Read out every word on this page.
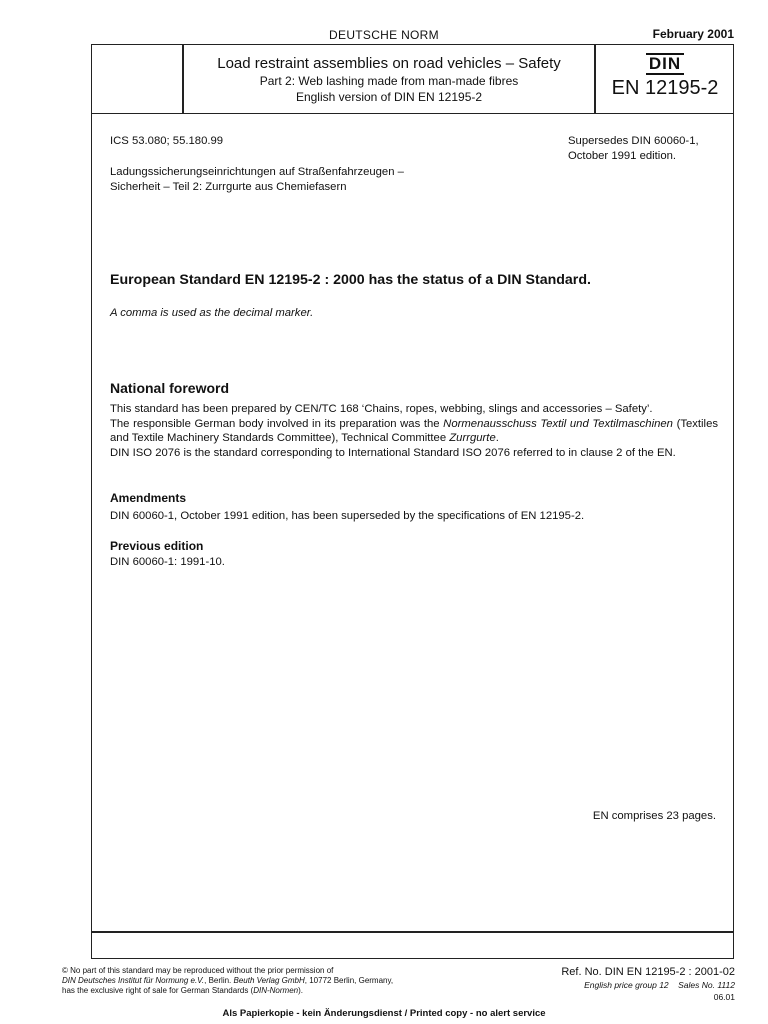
DEUTSCHE NORM	February 2001
Load restraint assemblies on road vehicles – Safety
Part 2: Web lashing made from man-made fibres
English version of DIN EN 12195-2
DIN
EN 12195-2
ICS 53.080; 55.180.99	Supersedes DIN 60060-1,
October 1991 edition.
Ladungssicherungseinrichtungen auf Straßenfahrzeugen –
Sicherheit – Teil 2: Zurrgurte aus Chemiefasern
European Standard EN 12195-2 : 2000 has the status of a DIN Standard.
A comma is used as the decimal marker.
National foreword

This standard has been prepared by CEN/TC 168 ‘Chains, ropes, webbing, slings and accessories – Safety’.

The responsible German body involved in its preparation was the Normenausschuss Textil und Textilmaschinen (Textiles and Textile Machinery Standards Committee), Technical Committee Zurrgurte.

DIN ISO 2076 is the standard corresponding to International Standard ISO 2076 referred to in clause 2 of the EN.

Amendments
DIN 60060-1, October 1991 edition, has been superseded by the specifications of EN 12195-2.
Previous edition
DIN 60060-1: 1991-10.
EN comprises 23 pages.
© No part of this standard may be reproduced without the prior permission of
DIN Deutsches Institut für Normung e.V., Berlin. Beuth Verlag GmbH, 10772 Berlin, Germany,
has the exclusive right of sale for German Standards (DIN-Normen).
Ref. No. DIN EN 12195-2 : 2001-02
English price group 12 Sales No. 1112
06.01
Als Papierkopie - kein Änderungsdienst / Printed copy - no alert service
